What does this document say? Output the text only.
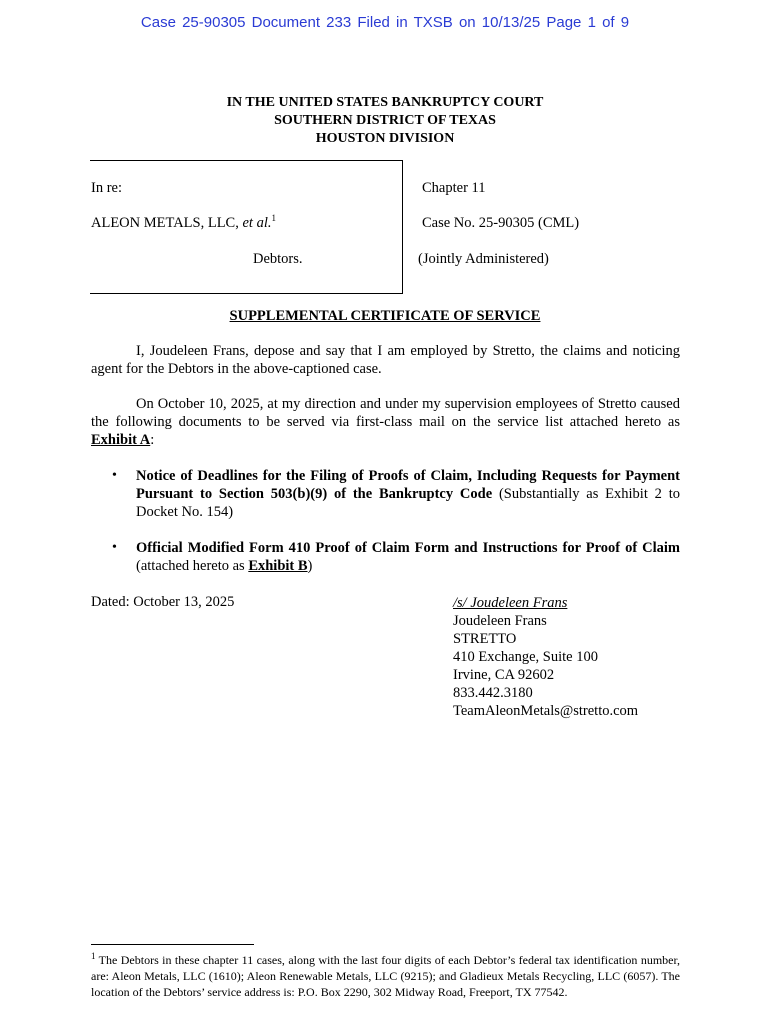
Case 25-90305 Document 233 Filed in TXSB on 10/13/25 Page 1 of 9
IN THE UNITED STATES BANKRUPTCY COURT
SOUTHERN DISTRICT OF TEXAS
HOUSTON DIVISION
In re:
ALEON METALS, LLC, et al.$^1$
Debtors.
Chapter 11
Case No. 25-90305 (CML)
(Jointly Administered)
SUPPLEMENTAL CERTIFICATE OF SERVICE
I, Joudeleen Frans, depose and say that I am employed by Stretto, the claims and noticing agent for the Debtors in the above-captioned case.
On October 10, 2025, at my direction and under my supervision employees of Stretto caused the following documents to be served via first-class mail on the service list attached hereto as Exhibit A:
• Notice of Deadlines for the Filing of Proofs of Claim, Including Requests for Payment Pursuant to Section 503(b)(9) of the Bankruptcy Code (Substantially as Exhibit 2 to Docket No. 154)
• Official Modified Form 410 Proof of Claim Form and Instructions for Proof of Claim (attached hereto as Exhibit B)
Dated: October 13, 2025	/s/ Joudeleen Frans
Joudeleen Frans
STRETTO
410 Exchange, Suite 100
Irvine, CA 92602
833.442.3180
TeamAleonMetals@stretto.com
$^1$ The Debtors in these chapter 11 cases, along with the last four digits of each Debtor’s federal tax identification number, are: Aleon Metals, LLC (1610); Aleon Renewable Metals, LLC (9215); and Gladieux Metals Recycling, LLC (6057). The location of the Debtors’ service address is: P.O. Box 2290, 302 Midway Road, Freeport, TX 77542.
